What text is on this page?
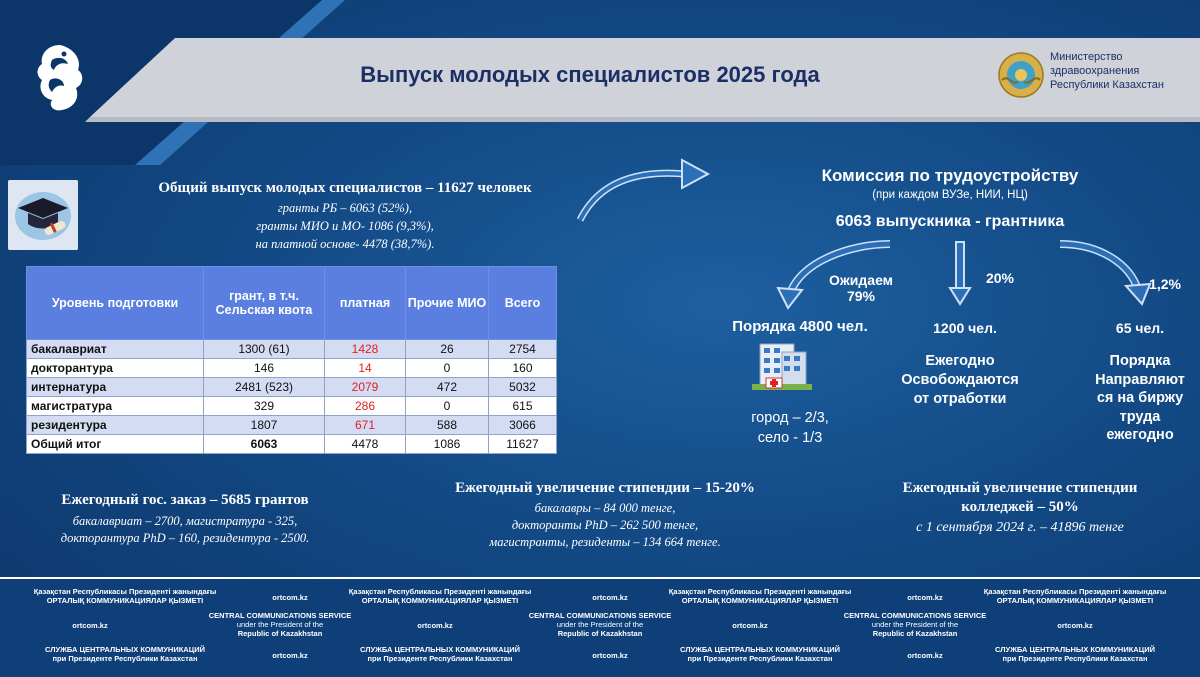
Выпуск молодых специалистов 2025 года
Министерство
здравоохранения
Республики Казахстан
Общий выпуск молодых специалистов – 11627 человек
гранты РБ – 6063 (52%),
гранты МИО и МО- 1086 (9,3%),
на платной основе- 4478 (38,7%).
Уровень подготовки	грант, в т.ч. Сельская квота	платная	Прочие МИО	Всего
бакалавриат	1300 (61)	1428	26	2754
докторантура	146	14	0	160
интернатура	2481 (523)	2079	472	5032
магистратура	329	286	0	615
резидентура	1807	671	588	3066
Общий итог	6063	4478	1086	11627
Комиссия по трудоустройству
(при каждом ВУЗе, НИИ, НЦ)
6063 выпускника - грантника
Ожидаем
79%
Порядка 4800 чел.
город – 2/3,
село - 1/3
20%
1200 чел.
Ежегодно
Освобождаются
от отработки
1,2%
65 чел.
Порядка
Направляют
ся на биржу
труда
ежегодно
Ежегодный гос. заказ – 5685 грантов
бакалавриат – 2700, магистратура - 325,
докторантура PhD – 160, резидентура - 2500.
Ежегодный увеличение стипендии – 15-20%
бакалавры – 84 000 тенге,
докторанты PhD – 262 500 тенге,
магистранты, резиденты – 134 664 тенге.
Ежегодный увеличение стипендии
колледжей – 50%
с 1 сентября 2024 г. – 41896 тенге
Қазақстан Республикасы Президенті жанындағы
ОРТАЛЫҚ КОММУНИКАЦИЯЛАР ҚЫЗМЕТІ	ortcom.kz
Қазақстан Республикасы Президенті жанындағы
ОРТАЛЫҚ КОММУНИКАЦИЯЛАР ҚЫЗМЕТІ	ortcom.kz
Қазақстан Республикасы Президенті жанындағы
ОРТАЛЫҚ КОММУНИКАЦИЯЛАР ҚЫЗМЕТІ	ortcom.kz
Қазақстан Республикасы Президенті жанындағы
ОРТАЛЫҚ КОММУНИКАЦИЯЛАР ҚЫЗМЕТІ
ortcom.kz
CENTRAL COMMUNICATIONS SERVICE
under the President of the
Republic of Kazakhstan
ortcom.kz
CENTRAL COMMUNICATIONS SERVICE
under the President of the
Republic of Kazakhstan
ortcom.kz
CENTRAL COMMUNICATIONS SERVICE
under the President of the
Republic of Kazakhstan
ortcom.kz
СЛУЖБА ЦЕНТРАЛЬНЫХ КОММУНИКАЦИЙ
при Президенте Республики Казахстан	ortcom.kz
СЛУЖБА ЦЕНТРАЛЬНЫХ КОММУНИКАЦИЙ
при Президенте Республики Казахстан	ortcom.kz
СЛУЖБА ЦЕНТРАЛЬНЫХ КОММУНИКАЦИЙ
при Президенте Республики Казахстан	ortcom.kz
СЛУЖБА ЦЕНТРАЛЬНЫХ КОММУНИКАЦИЙ
при Президенте Республики Казахстан
